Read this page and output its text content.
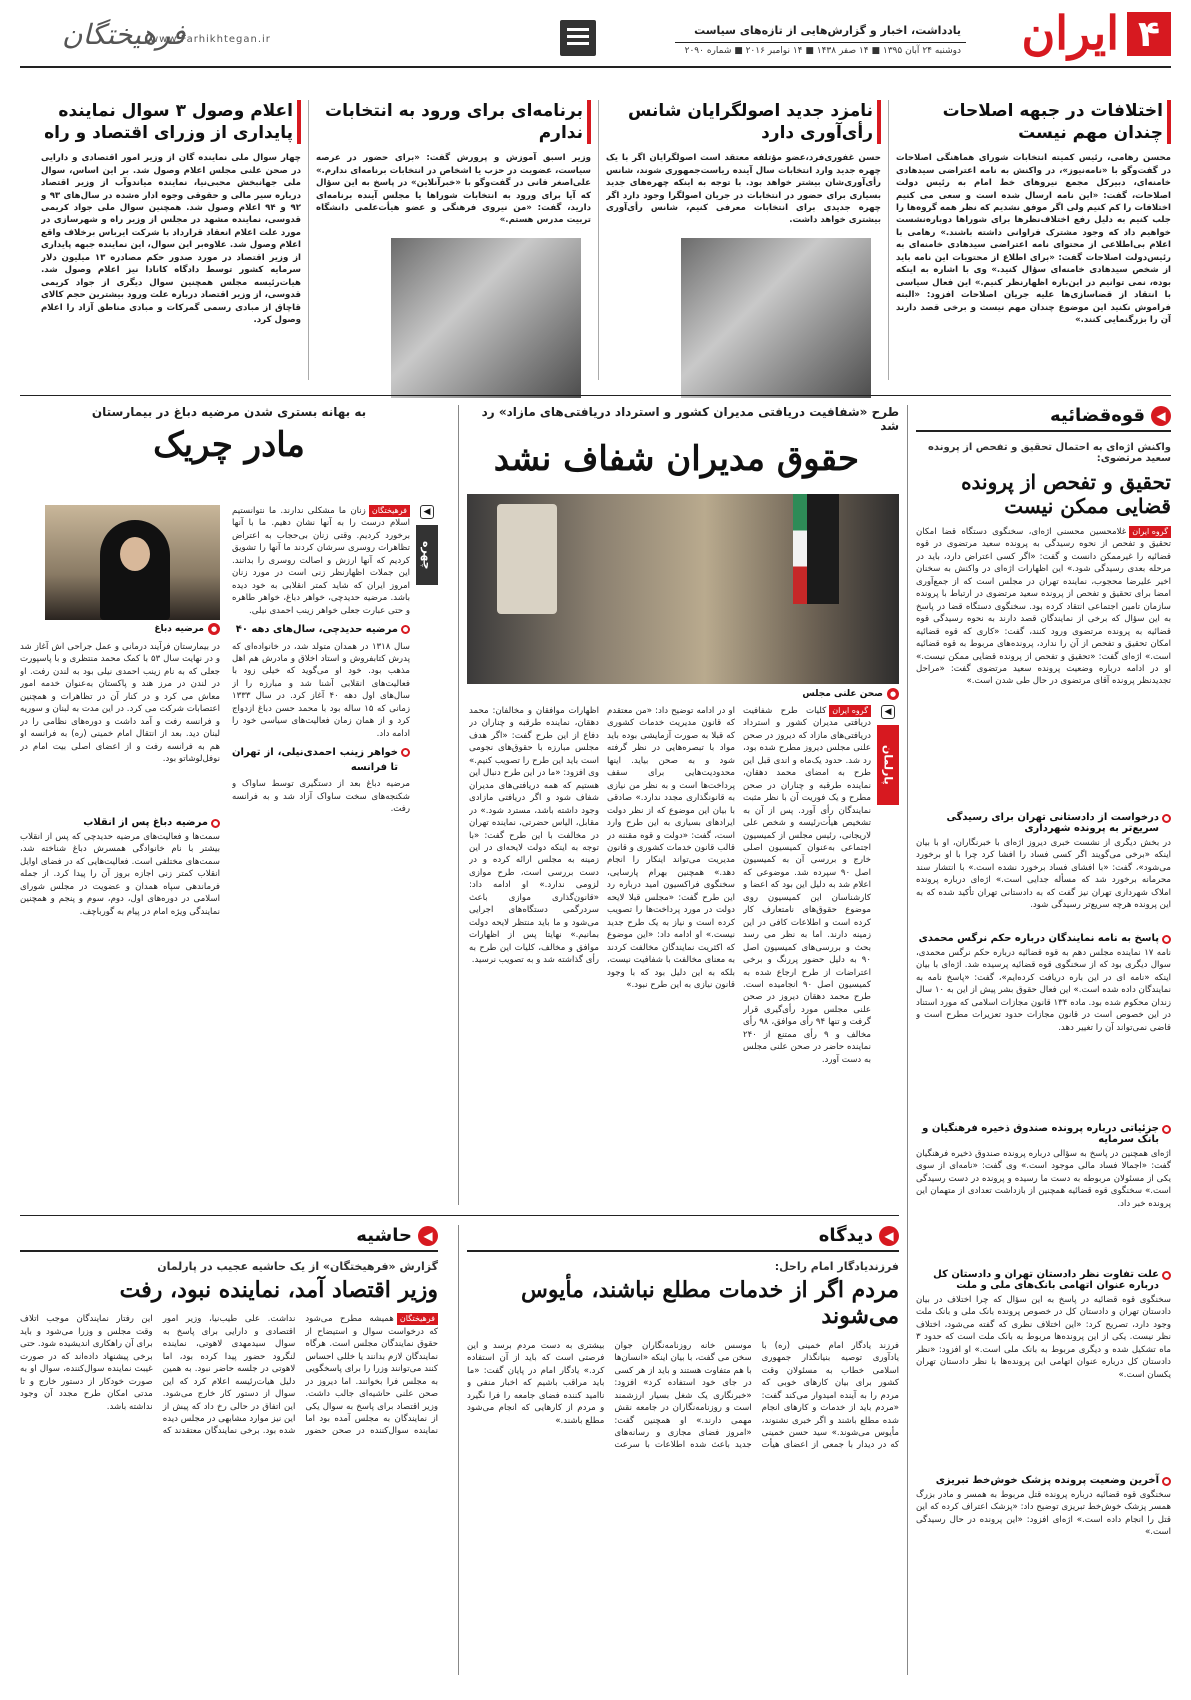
۴
ایران
یادداشت، اخبار و گزارش‌هایی از تازه‌های سیاست
دوشنبه ۲۴ آبان ۱۳۹۵ ■ ۱۴ صفر ۱۴۳۸ ■ ۱۴ نوامبر ۲۰۱۶ ■ شماره ۲۰۹۰
www.Farhikhtegan.ir
فرهیختگان
اختلافات در جبهه اصلاحات چندان مهم نیست
محسن رهامی، رئیس کمیته انتخابات شورای هماهنگی اصلاحات در گفت‌وگو با «نامه‌نیوز»، در واکنش به نامه اعتراضی سیدهادی خامنه‌ای، دبیرکل مجمع نیروهای خط امام به رئیس دولت اصلاحات، گفت: «این نامه ارسال شده است و سعی می کنیم اختلافات را کم کنیم ولی اگر موفق نشدیم که نظر همه گروه‌ها را جلب کنیم به دلیل رفع اختلاف‌نظرها برای شوراها دوباره‌نشست خواهیم داد که وجود مشترک فراوانی داشته باشند.» رهامی با اعلام بی‌اطلاعی از محتوای نامه اعتراضی سیدهادی خامنه‌ای به رئیس‌دولت اصلاحات گفت: «برای اطلاع از محتویات این نامه باید از شخص سیدهادی خامنه‌ای سؤال کنید.» وی با اشاره به اینکه بوده، نمی توانیم در این‌باره اظهارنظر کنیم.» این فعال سیاسی با انتقاد از قضاسازی‌ها علیه جریان اصلاحات افزود: «البته فراموش نکنید این موضوع چندان مهم نیست و برخی قصد دارند آن را بزرگنمایی کنند.»
نامزد جدید اصولگرایان شانس رأی‌آوری دارد
حسن غفوری‌فرد،عضو مؤتلفه معتقد است اصولگرایان اگر با یک چهره جدید وارد انتخابات سال آینده ریاست‌جمهوری شوند، شانس رأی‌آوری‌شان بیشتر خواهد بود. با توجه به اینکه چهره‌های جدید بسیاری برای حضور در انتخابات در جریان اصولگرا وجود دارد اگر چهره جدیدی برای انتخابات معرفی کنیم، شانس رأی‌آوری بیشتری خواهد داشت.
برنامه‌ای برای ورود به انتخابات ندارم
وزیر اسبق آموزش و پرورش گفت: «برای حضور در عرصه سیاست، عضویت در حزب یا اشخاص در انتخابات برنامه‌ای ندارم.» علی‌اصغر فانی در گفت‌وگو با «خبرآنلاین» در پاسخ به این سؤال که آیا برای ورود به انتخابات شوراها یا مجلس آینده برنامه‌ای دارید، گفت: «من نیروی فرهنگی و عضو هیأت‌علمی دانشگاه تربیت مدرس هستم.»
اعلام وصول ۳ سوال نماینده پایداری از وزرای اقتصاد و راه
چهار سوال ملی نماینده گان از وزیر امور اقتصادی و دارایی در صحن علنی مجلس اعلام وصول شد. بر این اساس، سوال ملی جهانبخش محبی‌نیا، نماینده میاندوآب از وزیر اقتصاد درباره سیر مالی و حقوقی وجوه ادار ه‌شده در سال‌های ۹۳ و ۹۲ و ۹۴ اعلام وصول شد. همچنین سوال ملی جواد کریمی قدوسی، نماینده مشهد در مجلس از وزیر راه و شهرسازی در مورد علت اعلام انعقاد قرارداد با شرکت ایرباس برخلاف واقع اعلام وصول شد. علاوه‌بر این سوال، این نماینده جبهه پایداری از وزیر اقتصاد در مورد صدور حکم مصادره ۱۳ میلیون دلار سرمایه کشور توسط دادگاه کانادا نیز اعلام وصول شد. هیات‌رئیسه مجلس همچنین سوال دیگری از جواد کریمی قدوسی، از وزیر اقتصاد درباره علت ورود بیشترین حجم کالای قاچاق از مبادی رسمی گمرکات و مبادی مناطق آزاد را اعلام وصول کرد.
◀
قوه‌قضائیه
واکنش اژه‌ای به احتمال تحقیق و تفحص از پرونده سعید مرتضوی:
تحقیق و تفحص از پرونده قضایی ممکن نیست
گروه ایرانغلامحسین محسنی اژه‌ای، سخنگوی دستگاه قضا امکان تحقیق و تفحص از نحوه رسیدگی به پرونده سعید مرتضوی در قوه قضائیه را غیرممکن دانست و گفت: «اگر کسی اعتراض دارد، باید در مرحله بعدی رسیدگی شود.» این اظهارات اژه‌ای در واکنش به سخنان اخیر علیرضا محجوب، نماینده تهران در مجلس است که از جمع‌آوری امضا برای تحقیق و تفحص از پرونده سعید مرتضوی در ارتباط با پرونده سازمان تامین اجتماعی انتقاد کرده بود. سخنگوی دستگاه قضا در پاسخ به این سؤال که برخی از نمایندگان قصد دارند به نحوه رسیدگی قوه قضائیه به پرونده مرتضوی ورود کنند، گفت: «کاری که قوه قضائیه امکان تحقیق و تفحص از آن را ندارد، پرونده‌های مربوط به قوه قضائیه است.» اژه‌ای گفت: «تحقیق و تفحص از پرونده قضایی ممکن نیست.» او در ادامه درباره وضعیت پرونده سعید مرتضوی گفت: «مراحل تجدیدنظر پرونده آقای مرتضوی در حال طی شدن است.»
درخواست از دادستانی تهران برای رسیدگی سریع‌تر به پرونده شهرداری
در بخش دیگری از نشست خبری دیروز اژه‌ای با خبرنگاران، او با بیان اینکه «برخی می‌گویند اگر کسی فساد را افشا کرد چرا با او برخورد می‌شود»، گفت: «با افشای فساد برخورد نشده است.» با انتشار سند محرمانه برخورد شد که مسأله جدایی است.» اژه‌ای درباره پرونده املاک شهرداری تهران نیز گفت که به دادستانی تهران تأکید شده که به این پرونده هرچه سریع‌تر رسیدگی شود.
پاسخ به نامه نمایندگان درباره حکم نرگس محمدی
نامه ۱۷ نماینده مجلس دهم به قوه قضائیه درباره حکم نرگس محمدی، سوال دیگری بود که از سخنگوی قوه قضائیه پرسیده شد. اژه‌ای با بیان اینکه «نامه ای در این باره دریافت کرده‌ایم»، گفت: «پاسخ نامه به نمایندگان داده شده است.» این فعال حقوق بشر پیش از این به ۱۰ سال زندان محکوم شده بود. ماده ۱۳۴ قانون مجازات اسلامی که مورد استناد در این خصوص است در قانون مجازات حدود تعزیرات مطرح است و قاضی نمی‌تواند آن را تغییر دهد.
جزئیاتی درباره پرونده صندوق ذخیره فرهنگیان و بانک سرمایه
اژه‌ای همچنین در پاسخ به سؤالی درباره پرونده صندوق ذخیره فرهنگیان گفت: «اجمالا فساد مالی موجود است.» وی گفت: «نامه‌ای از سوی یکی از مسئولان مربوطه به دست ما رسیده و پرونده در دست رسیدگی است.» سخنگوی قوه قضائیه همچنین از بازداشت تعدادی از متهمان این پرونده خبر داد.
علت تفاوت نظر دادستان تهران و دادستان کل درباره عنوان اتهامی بانک‌های ملی و ملت
سخنگوی قوه قضائیه در پاسخ به این سؤال که چرا اختلاف در بیان دادستان تهران و دادستان کل در خصوص پرونده بانک ملی و بانک ملت وجود دارد، تصریح کرد: «این اختلاف نظری که گفته می‌شود، اختلاف نظر نیست. یکی از این پرونده‌ها مربوط به بانک ملت است که حدود ۳ ماه تشکیل شده و دیگری مربوط به بانک ملی است.» او افزود: «نظر دادستان کل درباره عنوان اتهامی این پرونده‌ها با نظر دادستان تهران یکسان است.»
آخرین وضعیت پرونده پزشک خوش‌خط تبریزی
سخنگوی قوه قضائیه درباره پرونده قتل مربوط به همسر و مادر بزرگ همسر پزشک خوش‌خط تبریزی توضیح داد: «پزشک اعتراف کرده که این قتل را انجام داده است.» اژه‌ای افزود: «این پرونده در حال رسیدگی است.»
طرح «شفافیت دریافتی مدیران کشور و استرداد دریافتی‌های مازاد» رد شد
حقوق مدیران شفاف نشد
●
صحن علنی مجلس
پارلمان
◀
گروه ایرانکلیات طرح شفافیت دریافتی مدیران کشور و استرداد دریافتی‌های مازاد که دیروز در صحن علنی مجلس دیروز مطرح شده بود، رد شد. حدود یک‌ماه و اندی قبل این طرح به امضای محمد دهقان، نماینده طرقبه و چناران در صحن مطرح و یک فوریت آن با نظر مثبت نمایندگان رأی آورد. پس از آن به تشخیص هیأت‌رئیسه و شخص علی لاریجانی، رئیس مجلس از کمیسیون اجتماعی به‌عنوان کمیسیون اصلی خارج و بررسی آن به کمیسیون اصل ۹۰ سپرده شد. موضوعی که اعلام شد به دلیل این بود که اعضا و کارشناسان این کمیسیون روی موضوع حقوق‌های نامتعارف کار کرده است و اطلاعات کافی در این زمینه دارند. اما به نظر می رسد بحث و بررسی‌های کمیسیون اصل ۹۰ به دلیل حضور پررنگ و برخی اعتراضات از طرح ارجاع شده به کمیسیون اصل ۹۰ انجامیده است. طرح محمد دهقان دیروز در صحن علنی مجلس مورد رأی‌گیری قرار گرفت و تنها ۹۴ رأی موافق، ۹۸ رأی مخالف و ۹ رأی ممتنع از ۲۴۰ نماینده حاضر در صحن علنی مجلس به دست آورد.
او در ادامه توضیح داد: «من معتقدم که قانون مدیریت خدمات کشوری که قبلا به صورت آزمایشی بوده باید مواد با تبصره‌هایی در نظر گرفته شود و به صحن بیاید. اینها محدودیت‌هایی برای سقف پرداخت‌ها است و به نظر من نیازی به قانونگذاری مجدد ندارد.» صادقی با بیان این موضوع که از نظر دولت ایرادهای بسیاری به این طرح وارد است، گفت: «دولت و قوه مقننه در قالب قانون خدمات کشوری و قانون مدیریت می‌تواند اینکار را انجام دهد.» همچنین بهرام پارسایی، سخنگوی فراکسیون امید درباره رد این طرح گفت: «مجلس قبلا لایحه دولت در مورد پرداخت‌ها را تصویب کرده است و نیاز به یک طرح جدید نیست.» او ادامه داد: «این موضوع که اکثریت نمایندگان مخالفت کردند به معنای مخالفت با شفافیت نیست، بلکه به این دلیل بود که با وجود قانون نیازی به این طرح نبود.»
اظهارات موافقان و مخالفان: محمد دهقان، نماینده طرقبه و چناران در دفاع از این طرح گفت: «اگر هدف مجلس مبارزه با حقوق‌های نجومی است باید این طرح را تصویب کنیم.» وی افزود: «ما در این طرح دنبال این هستیم که همه دریافتی‌های مدیران شفاف شود و اگر دریافتی مازادی وجود داشته باشد، مسترد شود.» در مقابل، الیاس حضرتی، نماینده تهران در مخالفت با این طرح گفت: «با توجه به اینکه دولت لایحه‌ای در این زمینه به مجلس ارائه کرده و در دست بررسی است، طرح موازی لزومی ندارد.» او ادامه داد: «قانون‌گذاری موازی باعث سردرگمی دستگاه‌های اجرایی می‌شود و ما باید منتظر لایحه دولت بمانیم.» نهایتا پس از اظهارات موافق و مخالف، کلیات این طرح به رأی گذاشته شد و به تصویب نرسید.
به بهانه بستری شدن مرضیه دباغ در بیمارستان
مادر چریک
چهره
◀
فرهیختگانزنان ما مشکلی ندارند. ما نتوانستیم اسلام درست را به آنها نشان دهیم. ما با آنها برخورد کردیم. وقتی زنان بی‌حجاب به اعتراض تظاهرات روسری سرشان کردند ما آنها را تشویق کردیم که آنها ارزش و اصالت روسری را بدانند. این جملات اظهارنظر زنی است در مورد زنان امروز ایران که شاید کمتر انقلابی به خود دیده باشد. مرضیه حدیدچی، خواهر دباغ، خواهر طاهره و حتی عبارت جعلی خواهر زینب احمدی نیلی.
مرضیه حدیدچی، سال‌های دهه ۴۰
سال ۱۳۱۸ در همدان متولد شد، در خانواده‌ای که پدرش کتابفروش و استاد اخلاق و مادرش هم اهل مذهب بود. خود او می‌گوید که خیلی زود با فعالیت‌های انقلابی آشنا شد و مبارزه را از سال‌های اول دهه ۴۰ آغاز کرد. در سال ۱۳۳۳ زمانی که ۱۵ ساله بود با محمد حسن دباغ ازدواج کرد و از همان زمان فعالیت‌های سیاسی خود را ادامه داد.
خواهر زینب احمدی‌نیلی، از تهران تا فرانسه
مرضیه دباغ بعد از دستگیری توسط ساواک و شکنجه‌های سخت ساواک آزاد شد و به فرانسه رفت.
●
مرضیه دباغ
در بیمارستان فرآیند درمانی و عمل جراحی اش آغاز شد و در نهایت سال ۵۳ با کمک محمد منتظری و با پاسپورت جعلی که به نام زینب احمدی نیلی بود به لندن رفت. او در لندن در مرز هند و پاکستان به‌عنوان خدمه امور معاش می کرد و در کنار آن در تظاهرات و همچنین اعتصابات شرکت می کرد. در این مدت به لبنان و سوریه و فرانسه رفت و آمد داشت و دوره‌های نظامی را در لبنان دید. بعد از انتقال امام خمینی (ره) به فرانسه او هم به فرانسه رفت و از اعضای اصلی بیت امام در نوفل‌لوشاتو بود.
مرضیه دباغ پس از انقلاب
سمت‌ها و فعالیت‌های مرضیه حدیدچی که پس از انقلاب بیشتر با نام خانوادگی همسرش دباغ شناخته شد، سمت‌های مختلفی است. فعالیت‌هایی که در فضای اوایل انقلاب کمتر زنی اجازه بروز آن را پیدا کرد. از جمله فرماندهی سپاه همدان و عضویت در مجلس شورای اسلامی در دوره‌های اول، دوم، سوم و پنجم و همچنین نمایندگی ویژه امام در پیام به گورباچف.
◀
دیدگاه
فرزندیادگار امام راحل:
مردم اگر از خدمات مطلع نباشند، مأیوس می‌شوند
فرزند یادگار امام خمینی (ره) با یادآوری توصیه بنیانگذار جمهوری اسلامی خطاب به مسئولان وقت کشور برای بیان کارهای خوبی که مردم را به آینده امیدوار می‌کند گفت: «مردم باید از خدمات و کارهای انجام شده مطلع باشند و اگر خبری نشنوند، مأیوس می‌شوند.» سید حسن خمینی که در دیدار با جمعی از اعضای هیأت موسس خانه روزنامه‌نگاران جوان سخن می گفت، با بیان اینکه «انسان‌ها با هم متفاوت هستند و باید از هر کسی در جای خود استفاده کرد» افزود: «خبرنگاری یک شغل بسیار ارزشمند است و روزنامه‌نگاران در جامعه نقش مهمی دارند.» او همچنین گفت: «امروز فضای مجازی و رسانه‌های جدید باعث شده اطلاعات با سرعت بیشتری به دست مردم برسد و این فرصتی است که باید از آن استفاده کرد.» یادگار امام در پایان گفت: «ما باید مراقب باشیم که اخبار منفی و ناامید کننده فضای جامعه را فرا نگیرد و مردم از کارهایی که انجام می‌شود مطلع باشند.»
◀
حاشیه
گزارش «فرهیختگان» از یک حاشیه عجیب در پارلمان
وزیر اقتصاد آمد، نماینده نبود، رفت
فرهیختگانهمیشه مطرح می‌شود که درخواست سوال و استیضاح از حقوق نمایندگان مجلس است. هرگاه نمایندگان لازم بدانند یا خللی احساس کنند می‌توانند وزرا را برای پاسخگویی به مجلس فرا بخوانند. اما دیروز در صحن علنی حاشیه‌ای جالب داشت. وزیر اقتصاد برای پاسخ به سوال یکی از نمایندگان به مجلس آمده بود اما نماینده سوال‌کننده در صحن حضور نداشت. علی طیب‌نیا، وزیر امور اقتصادی و دارایی برای پاسخ به سوال سیدمهدی لاهوتی، نماینده لنگرود حضور پیدا کرده بود، اما لاهوتی در جلسه حاضر نبود. به همین دلیل هیات‌رئیسه اعلام کرد که این سوال از دستور کار خارج می‌شود. این اتفاق در حالی رخ داد که پیش از این نیز موارد مشابهی در مجلس دیده شده بود. برخی نمایندگان معتقدند که این رفتار نمایندگان موجب اتلاف وقت مجلس و وزرا می‌شود و باید برای آن راهکاری اندیشیده شود. حتی برخی پیشنهاد داده‌اند که در صورت غیبت نماینده سوال‌کننده، سوال او به صورت خودکار از دستور خارج و تا مدتی امکان طرح مجدد آن وجود نداشته باشد.
